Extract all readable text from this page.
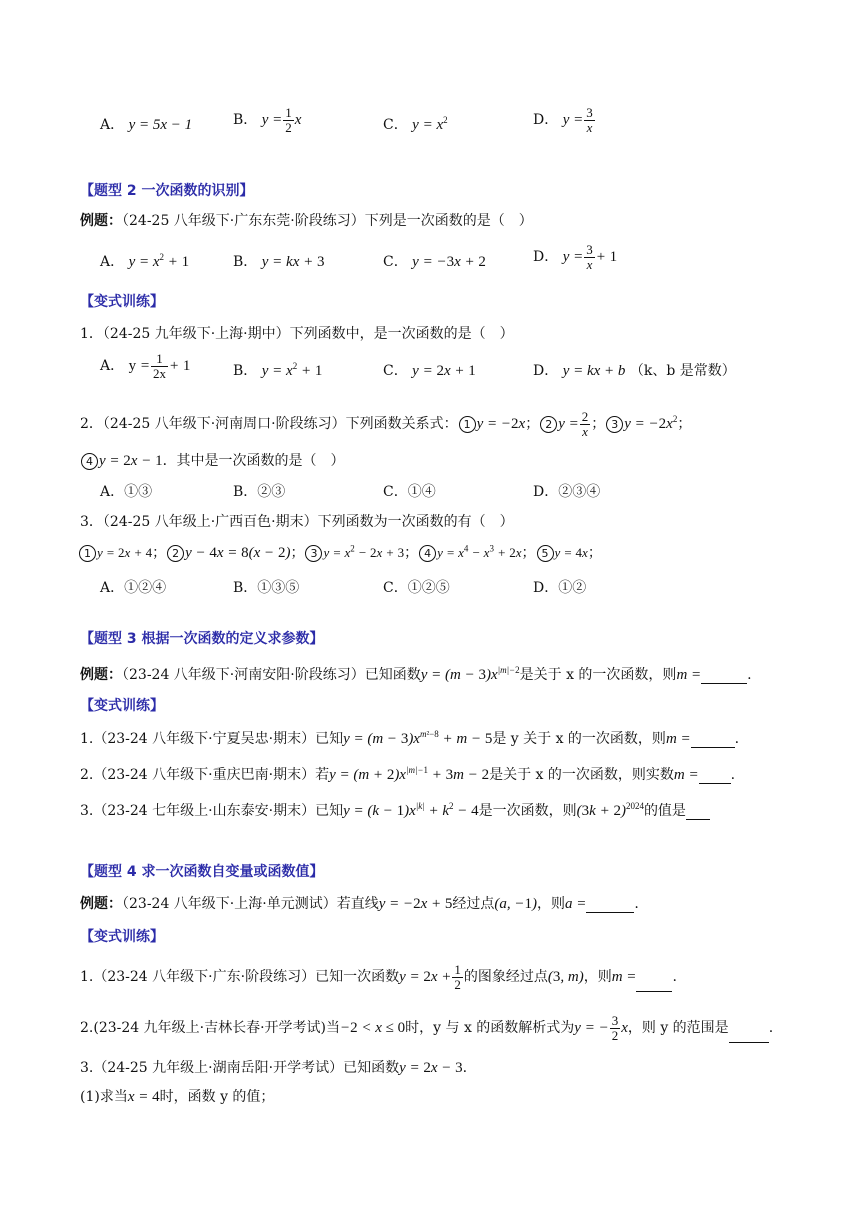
A． y = 5x − 1	B． $y = \frac{1}{2}$ x	C． $y = x^2$	D． $y = \frac{3}{x}$
【题型 2 一次函数的识别】
例题：（24-25 八年级下·广东东莞·阶段练习）下列是一次函数的是（　）
A． $y = x^2 + 1$	B． y = kx + 3	C． y = −3x + 2	D． $y = \frac{3}{x} + 1$
【变式训练】
1．（24-25 九年级下·上海·期中）下列函数中，是一次函数的是（　）
A． $y = \frac{1}{2x} + 1$	B． $y = x^2 + 1$	C． y = 2x + 1	D． y = kx + b （k、b 是常数）
2．（24-25 八年级下·河南周口·阶段练习）下列函数关系式： 1 y = −2x； 2 $y = \frac{2}{x}$ ； 3 $y = -2x^2$；
4 y = 2x − 1．其中是一次函数的是（　）
A．①③	B．②③	C．①④	D．②③④
3．（24-25 八年级上·广西百色·期末）下列函数为一次函数的有（　）
1 y = 2x + 4； 2 y − 4x = 8(x − 2)； 3 $y = x^2 - 2x + 3$； 4 $y = x^4 - x^3 + 2x$； 5 y = 4x；
A．①②④	B．①③⑤	C．①②⑤	D．①②
【题型 3 根据一次函数的定义求参数】
例题：（23-24 八年级下·河南安阳·阶段练习）已知函数$y = (m - 3)x^{|m|-2}$是关于 x 的一次函数，则m =	.
【变式训练】
1.（23-24 八年级下·宁夏吴忠·期末）已知$y = (m - 3)x^{m^2-8} + m - 5$是 y 关于 x 的一次函数，则m =	.
2.（23-24 八年级下·重庆巴南·期末）若$y = (m + 2)x^{|m|-1} + 3m - 2$是关于 x 的一次函数，则实数m = .
3.（23-24 七年级上·山东泰安·期末）已知$y = (k - 1)x^{|k|} + k^2 - 4$是一次函数，则$(3k + 2)^{2024}$的值是
【题型 4 求一次函数自变量或函数值】
例题：（23-24 八年级下·上海·单元测试）若直线y = −2x + 5经过点(a, −1)，则a =	.
【变式训练】
1.（23-24 八年级下·广东·阶段练习）已知一次函数$y = 2x + \frac{1}{2}$ 的图象经过点(3, m)，则m =	.
2.(23-24 九年级上·吉林长春·开学考试)当−2 < x ≤ 0时，y 与 x 的函数解析式为y = − $\frac{3}{2}$ x，则 y 的范围是	.
3.（24-25 九年级上·湖南岳阳·开学考试）已知函数y = 2x − 3.
(1)求当x = 4时，函数 y 的值；
